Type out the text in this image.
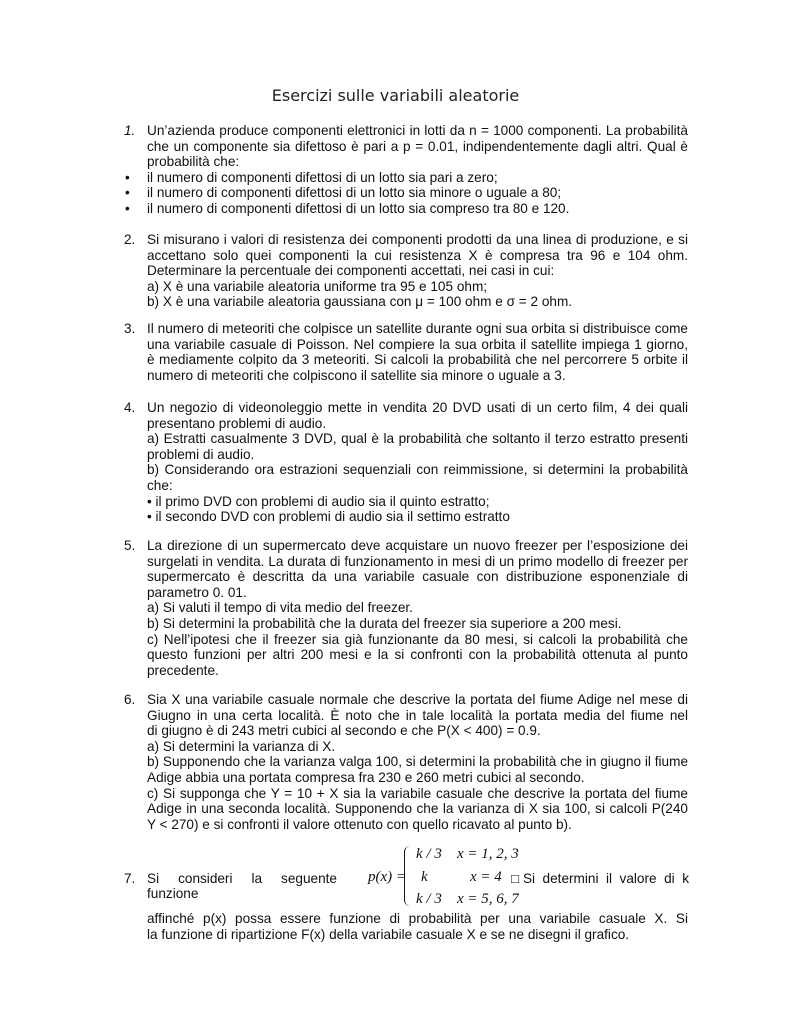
Esercizi sulle variabili aleatorie
1. Un’azienda produce componenti elettronici in lotti da n = 1000 componenti. La probabilità
che un componente sia difettoso è pari a p = 0.01, indipendentemente dagli altri. Qual è
probabilità che:
• il numero di componenti difettosi di un lotto sia pari a zero;
• il numero di componenti difettosi di un lotto sia minore o uguale a 80;
• il numero di componenti difettosi di un lotto sia compreso tra 80 e 120.
2. Si misurano i valori di resistenza dei componenti prodotti da una linea di produzione, e si
accettano solo quei componenti la cui resistenza X è compresa tra 96 e 104 ohm.
Determinare la percentuale dei componenti accettati, nei casi in cui:
a) X è una variabile aleatoria uniforme tra 95 e 105 ohm;
b) X è una variabile aleatoria gaussiana con μ = 100 ohm e σ = 2 ohm.
3. Il numero di meteoriti che colpisce un satellite durante ogni sua orbita si distribuisce come
una variabile casuale di Poisson. Nel compiere la sua orbita il satellite impiega 1 giorno,
è mediamente colpito da 3 meteoriti. Si calcoli la probabilità che nel percorrere 5 orbite il
numero di meteoriti che colpiscono il satellite sia minore o uguale a 3.
4. Un negozio di videonoleggio mette in vendita 20 DVD usati di un certo film, 4 dei quali
presentano problemi di audio.
a) Estratti casualmente 3 DVD, qual è la probabilità che soltanto il terzo estratto presenti
problemi di audio.
b) Considerando ora estrazioni sequenziali con reimmissione, si determini la probabilità
che:
• il primo DVD con problemi di audio sia il quinto estratto;
• il secondo DVD con problemi di audio sia il settimo estratto
5. La direzione di un supermercato deve acquistare un nuovo freezer per l’esposizione dei
surgelati in vendita. La durata di funzionamento in mesi di un primo modello di freezer per
supermercato è descritta da una variabile casuale con distribuzione esponenziale di
parametro 0. 01.
a) Si valuti il tempo di vita medio del freezer.
b) Si determini la probabilità che la durata del freezer sia superiore a 200 mesi.
c) Nell’ipotesi che il freezer sia già funzionante da 80 mesi, si calcoli la probabilità che
questo funzioni per altri 200 mesi e la si confronti con la probabilità ottenuta al punto
precedente.
6. Sia X una variabile casuale normale che descrive la portata del fiume Adige nel mese di
Giugno in una certa località. È noto che in tale località la portata media del fiume nel
di giugno è di 243 metri cubici al secondo e che P(X < 400) = 0.9.
a) Si determini la varianza di X.
b) Supponendo che la varianza valga 100, si determini la probabilità che in giugno il fiume
Adige abbia una portata compresa fra 230 e 260 metri cubici al secondo.
c) Si supponga che Y = 10 + X sia la variabile casuale che descrive la portata del fiume
Adige in una seconda località. Supponendo che la varianza di X sia 100, si calcoli P(240
Y < 270) e si confronti il valore ottenuto con quello ricavato al punto b).
7. Si consideri la seguente funzione
p(x) =
k / 3 x = 1, 2, 3
k	x = 4
k / 3 x = 5, 6, 7
□Si determini il valore di k
affinché p(x) possa essere funzione di probabilità per una variabile casuale X. Si
la funzione di ripartizione F(x) della variabile casuale X e se ne disegni il grafico.
